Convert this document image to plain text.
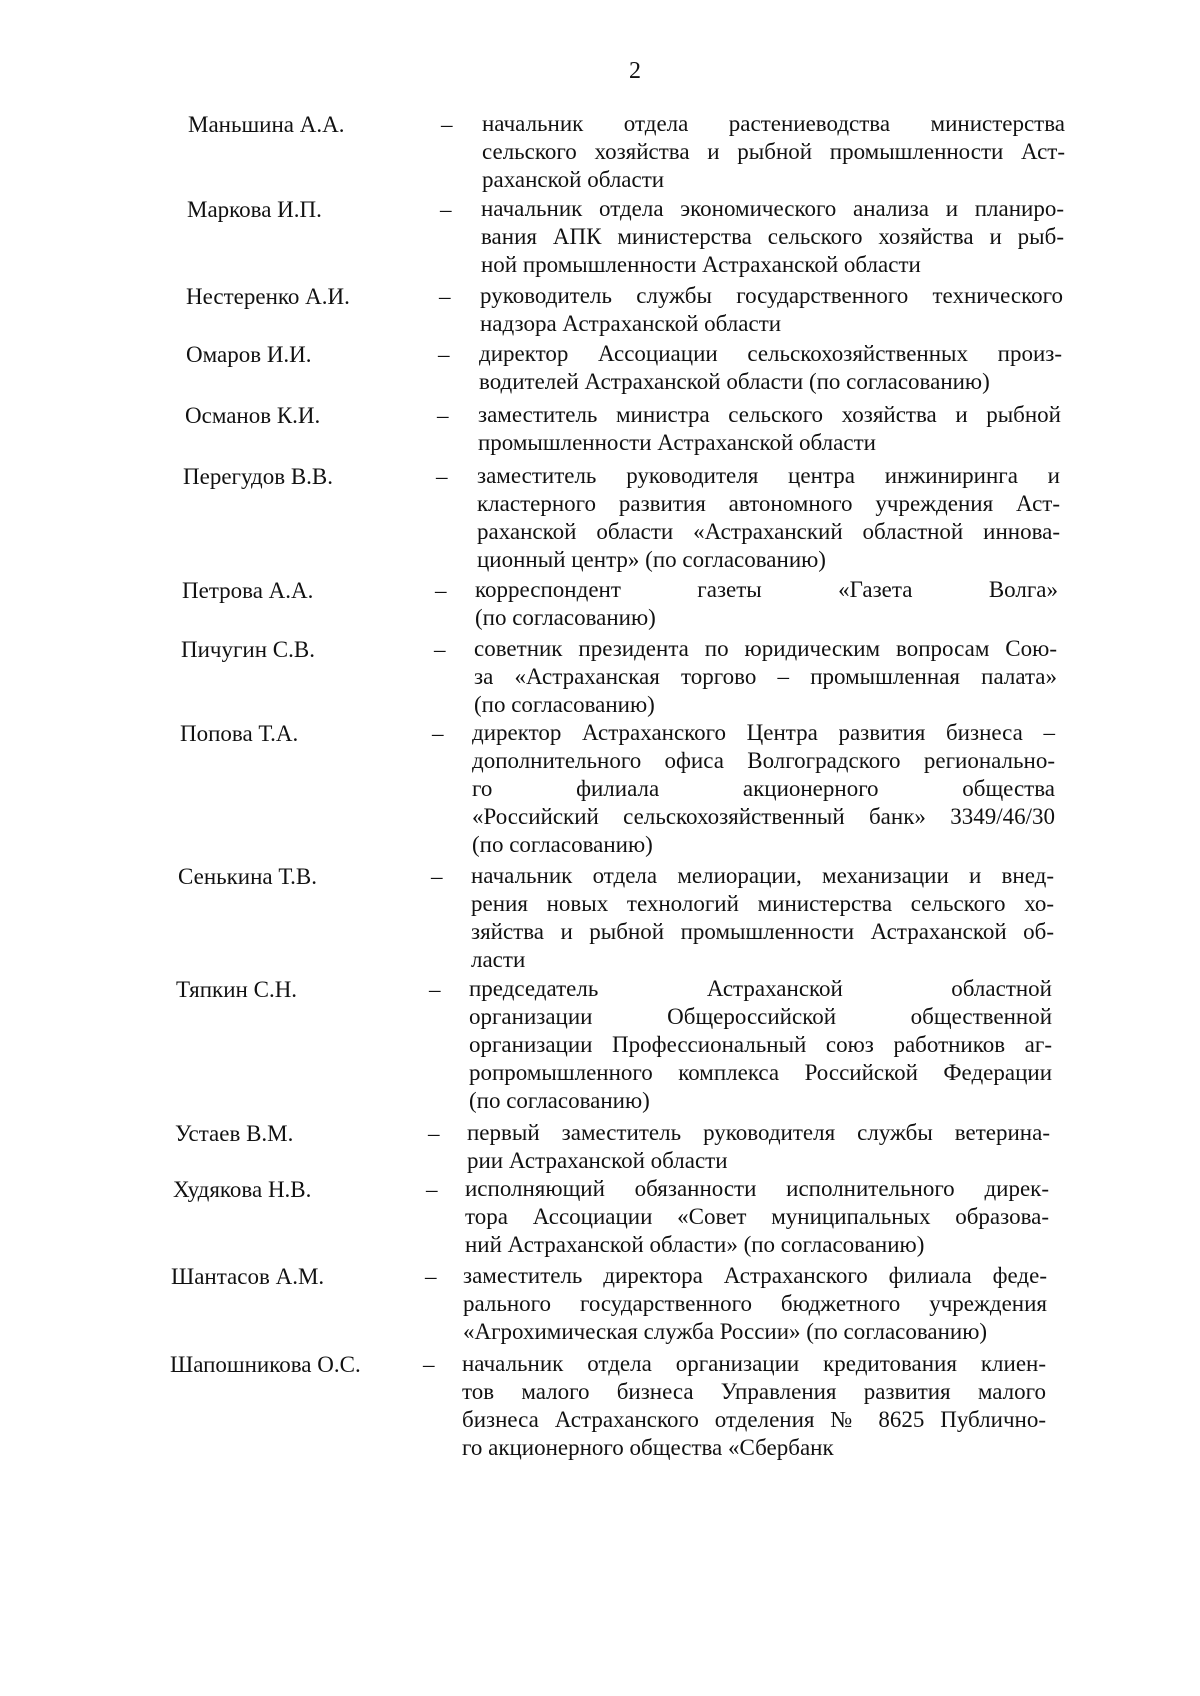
2
Маньшина А.А.	– начальник отдела растениеводства министерства
сельского хозяйства и рыбной промышленности Аст-
раханской области
Маркова И.П.	– начальник отдела экономического анализа и планиро-
вания АПК министерства сельского хозяйства и рыб-
ной промышленности Астраханской области
Нестеренко А.И.	– руководитель службы государственного технического
надзора Астраханской области
Омаров И.И.	– директор Ассоциации сельскохозяйственных произ-
водителей Астраханской области (по согласованию)
Османов К.И.	– заместитель министра сельского хозяйства и рыбной
промышленности Астраханской области
Перегудов В.В.	– заместитель руководителя центра инжиниринга и
кластерного развития автономного учреждения Аст-
раханской области «Астраханский областной иннова-
ционный центр» (по согласованию)
Петрова А.А.	– корреспондент газеты «Газета Волга»
(по согласованию)
Пичугин С.В.	– советник президента по юридическим вопросам Сою-
за «Астраханская торгово – промышленная палата»
(по согласованию)
Попова Т.А.	– директор Астраханского Центра развития бизнеса –
дополнительного офиса Волгоградского регионально-
го филиала акционерного общества
«Российский сельскохозяйственный банк» 3349/46/30
(по согласованию)
Сенькина Т.В.	– начальник отдела мелиорации, механизации и внед-
рения новых технологий министерства сельского хо-
зяйства и рыбной промышленности Астраханской об-
ласти
Тяпкин С.Н.	– председатель Астраханской областной
организации Общероссийской общественной
организации Профессиональный союз работников аг-
ропромышленного комплекса Российской Федерации
(по согласованию)
Устаев В.М.	– первый заместитель руководителя службы ветерина-
рии Астраханской области
Худякова Н.В.	– исполняющий обязанности исполнительного дирек-
тора Ассоциации «Совет муниципальных образова-
ний Астраханской области» (по согласованию)
Шантасов А.М.	– заместитель директора Астраханского филиала феде-
рального государственного бюджетного учреждения
«Агрохимическая служба России» (по согласованию)
Шапошникова О.С.	– начальник отдела организации кредитования клиен-
тов малого бизнеса Управления развития малого
бизнеса Астраханского отделения № 8625 Публично-
го акционерного общества «Сбербанк
